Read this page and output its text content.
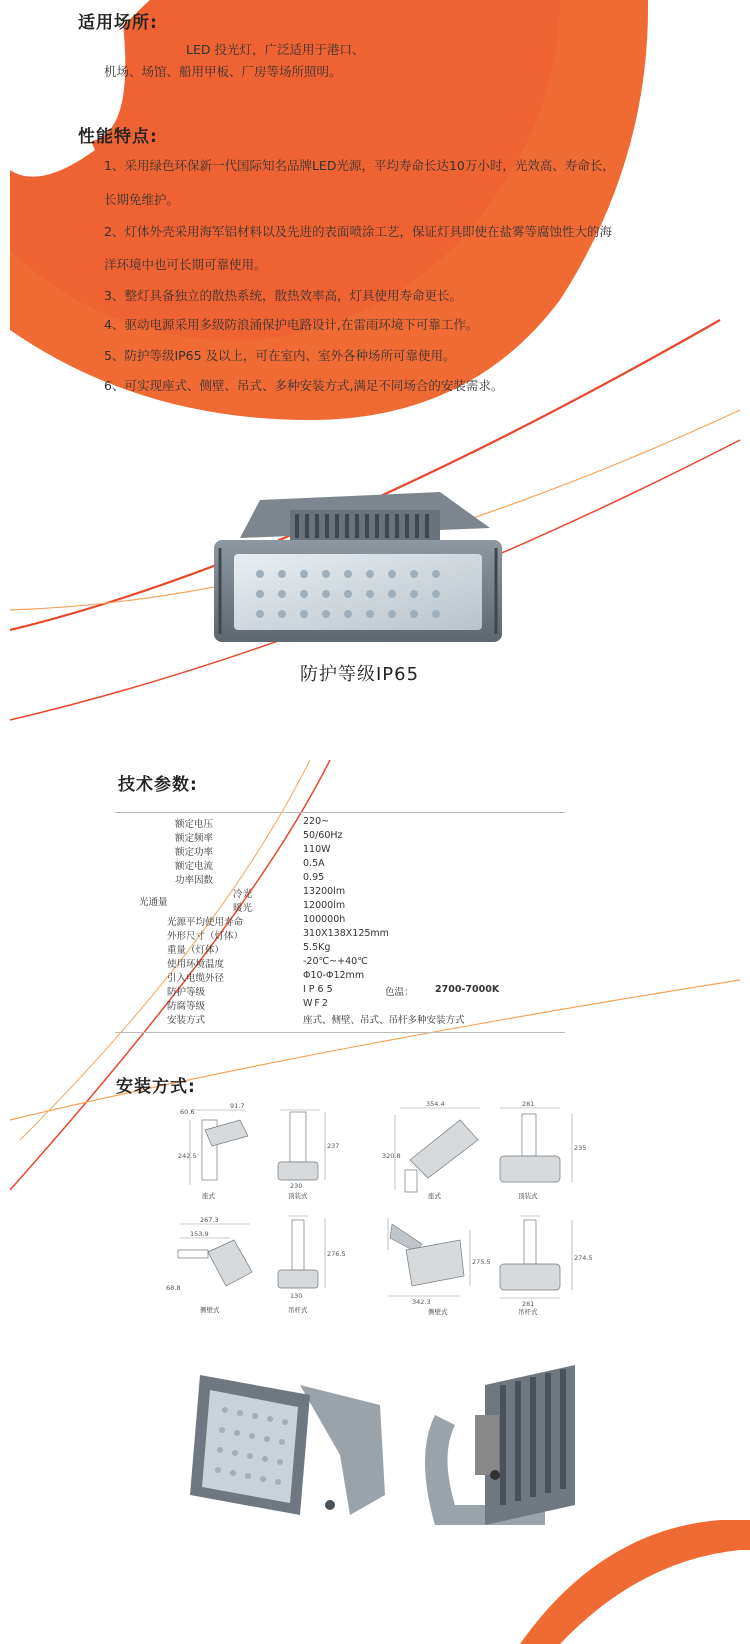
适用场所:
LED 投光灯，广泛适用于港口、
机场、场馆、船用甲板、厂房等场所照明。
性能特点:
1、采用绿色环保新一代国际知名品牌LED光源，平均寿命长达10万小时，光效高、寿命长，
长期免维护。
2、灯体外壳采用海军铝材料以及先进的表面喷涂工艺，保证灯具即使在盐雾等腐蚀性大的海
洋环境中也可长期可靠使用。
3、整灯具备独立的散热系统，散热效率高，灯具使用寿命更长。
4、驱动电源采用多级防浪涌保护电路设计,在雷雨环境下可靠工作。
5、防护等级IP65 及以上，可在室内、室外各种场所可靠使用。
6、可实现座式、侧壁、吊式、多种安装方式,满足不同场合的安装需求。
防护等级IP65
技术参数:
额定电压	220~
额定频率	50/60Hz
额定功率	110W
额定电流	0.5A
功率因数	0.95
光通量
冷光	13200lm
暖光	12000lm
光源平均使用寿命	100000h
外形尺寸（灯体）	310X138X125mm
重量（灯体）	5.5Kg
使用环境温度	-20℃~+40℃
引入电缆外径	Φ10-Φ12mm
防护等级	IP65	色温： 2700-7000K
防腐等级	WF2
安装方式	座式、侧壁、吊式、吊杆多种安装方式
安装方式:
60.6
91.7
242.5
座式
237
230
顶装式
354.4
320.8
座式
281
235
顶装式
267.3
153.9
68.8
侧壁式
276.5
130
吊杆式
275.5
342.3
侧壁式
274.5
281
吊杆式
